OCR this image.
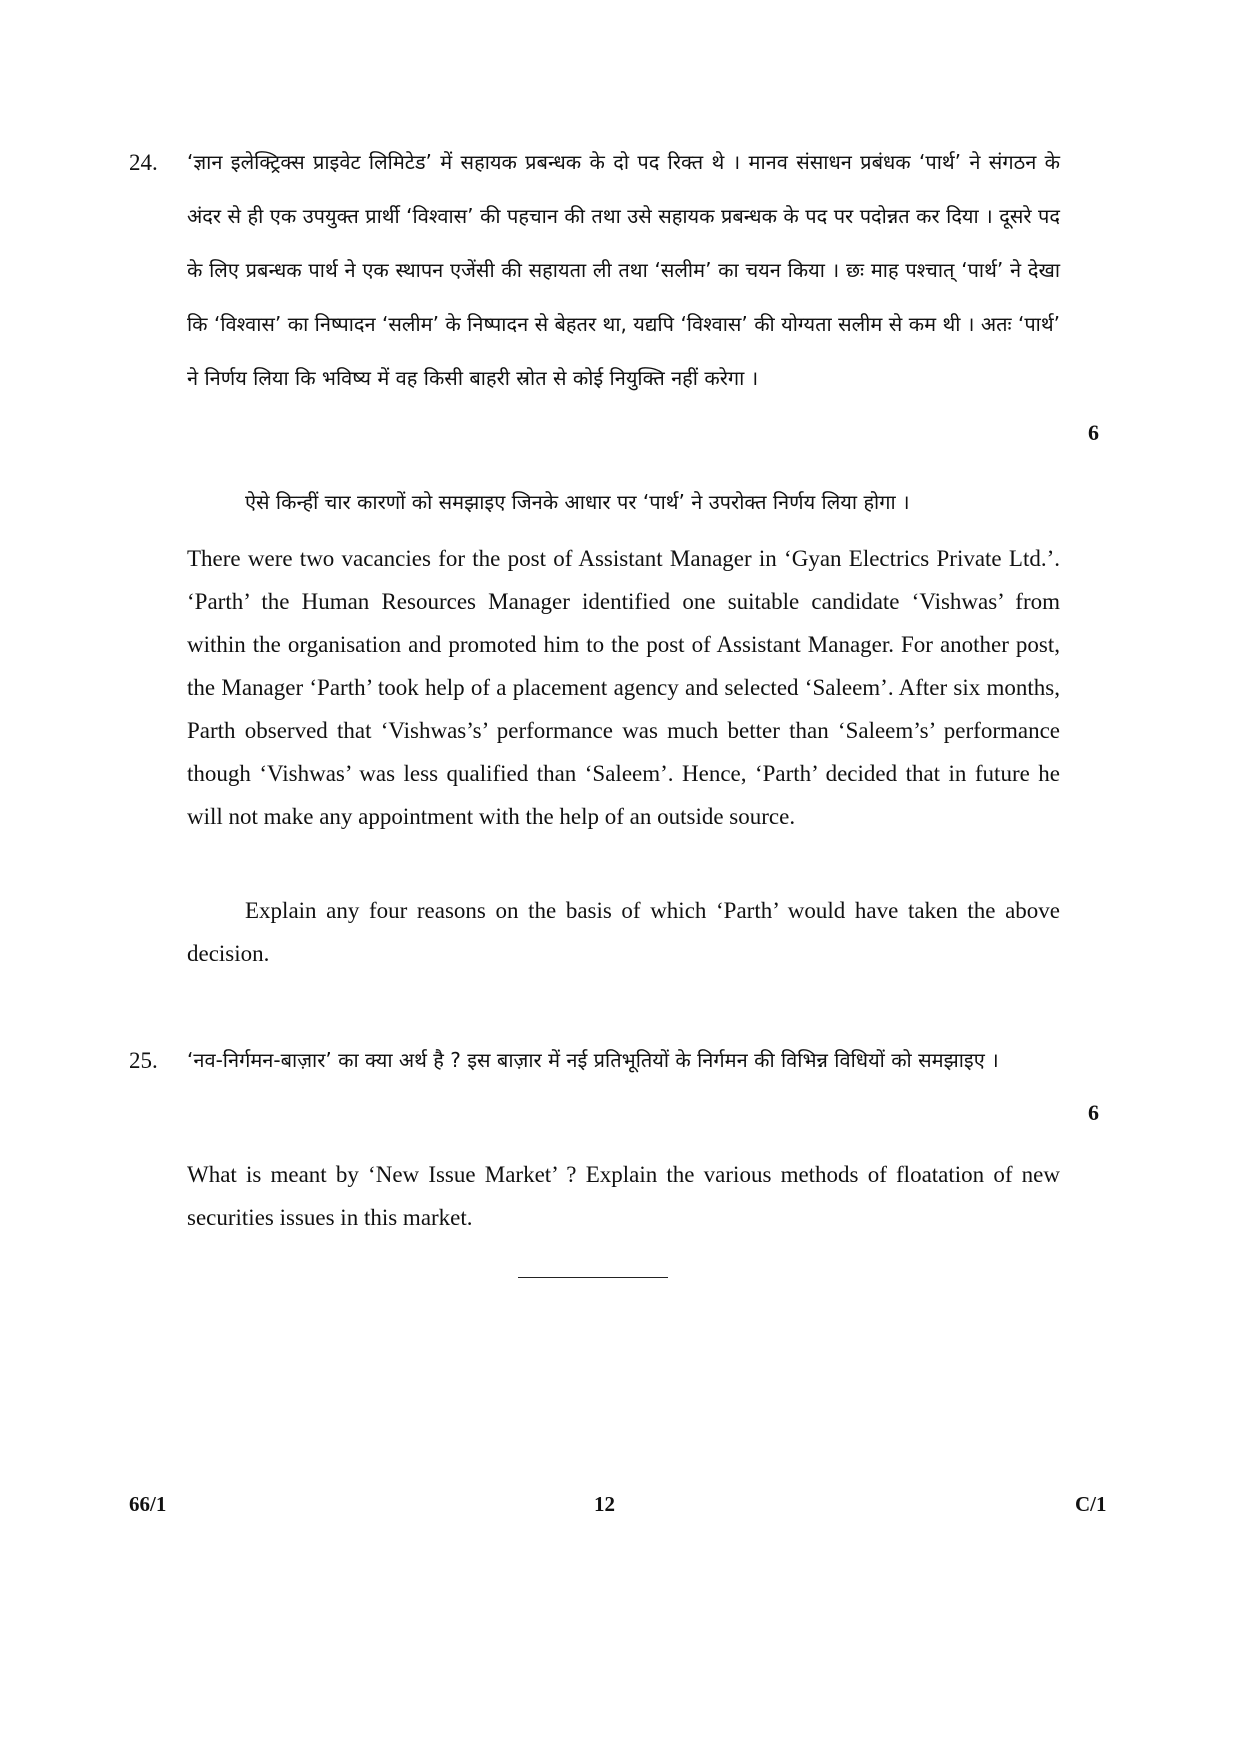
24. ‘ज्ञान इलेक्ट्रिक्स प्राइवेट लिमिटेड’ में सहायक प्रबन्धक के दो पद रिक्त थे । मानव संसाधन प्रबंधक ‘पार्थ’ ने संगठन के अंदर से ही एक उपयुक्त प्रार्थी ‘विश्वास’ की पहचान की तथा उसे सहायक प्रबन्धक के पद पर पदोन्नत कर दिया । दूसरे पद के लिए प्रबन्धक पार्थ ने एक स्थापन एजेंसी की सहायता ली तथा ‘सलीम’ का चयन किया । छः माह पश्चात् ‘पार्थ’ ने देखा कि ‘विश्वास’ का निष्पादन ‘सलीम’ के निष्पादन से बेहतर था, यद्यपि ‘विश्वास’ की योग्यता सलीम से कम थी । अतः ‘पार्थ’ ने निर्णय लिया कि भविष्य में वह किसी बाहरी स्रोत से कोई नियुक्ति नहीं करेगा ।

6

ऐसे किन्हीं चार कारणों को समझाइए जिनके आधार पर ‘पार्थ’ ने उपरोक्त निर्णय लिया होगा ।

There were two vacancies for the post of Assistant Manager in ‘Gyan Electrics Private Ltd.’. ‘Parth’ the Human Resources Manager identified one suitable candidate ‘Vishwas’ from within the organisation and promoted him to the post of Assistant Manager. For another post, the Manager ‘Parth’ took help of a placement agency and selected ‘Saleem’. After six months, Parth observed that ‘Vishwas’s’ performance was much better than ‘Saleem’s’ performance though ‘Vishwas’ was less qualified than ‘Saleem’. Hence, ‘Parth’ decided that in future he will not make any appointment with the help of an outside source.

Explain any four reasons on the basis of which ‘Parth’ would have taken the above decision.

25. ‘नव-निर्गमन-बाज़ार’ का क्या अर्थ है ? इस बाज़ार में नई प्रतिभूतियों के निर्गमन की विभिन्न विधियों को समझाइए ।

6

What is meant by ‘New Issue Market’ ? Explain the various methods of floatation of new securities issues in this market.

66/1	12	C/1
